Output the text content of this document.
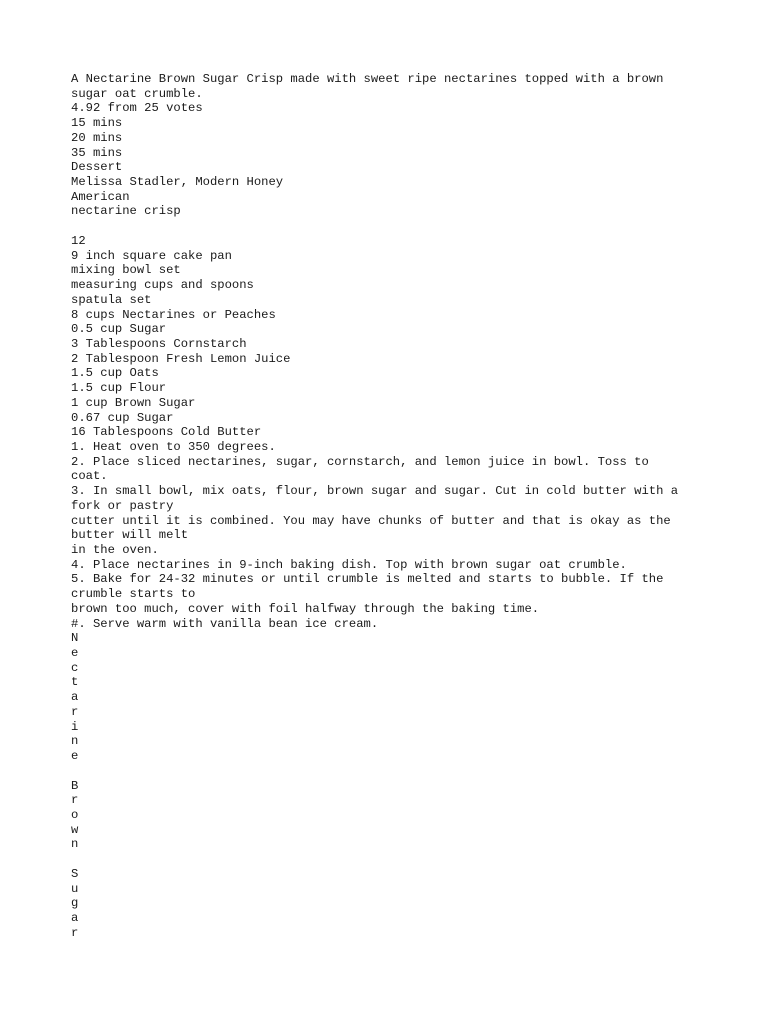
A Nectarine Brown Sugar Crisp made with sweet ripe nectarines topped with a brown
sugar oat crumble.
4.92 from 25 votes
15 mins
20 mins
35 mins
Dessert
Melissa Stadler, Modern Honey
American
nectarine crisp
12
9 inch square cake pan
mixing bowl set
measuring cups and spoons
spatula set
8 cups Nectarines or Peaches
0.5 cup Sugar
3 Tablespoons Cornstarch
2 Tablespoon Fresh Lemon Juice
1.5 cup Oats
1.5 cup Flour
1 cup Brown Sugar
0.67 cup Sugar
16 Tablespoons Cold Butter
1. Heat oven to 350 degrees.
2. Place sliced nectarines, sugar, cornstarch, and lemon juice in bowl. Toss to
coat.
3. In small bowl, mix oats, flour, brown sugar and sugar. Cut in cold butter with a
fork or pastry
cutter until it is combined. You may have chunks of butter and that is okay as the
butter will melt
in the oven.
4. Place nectarines in 9-inch baking dish. Top with brown sugar oat crumble.
5. Bake for 24-32 minutes or until crumble is melted and starts to bubble. If the
crumble starts to
brown too much, cover with foil halfway through the baking time.
#. Serve warm with vanilla bean ice cream.
N
e
c
t
a
r
i
n
e
B
r
o
w
n
S
u
g
a
r
